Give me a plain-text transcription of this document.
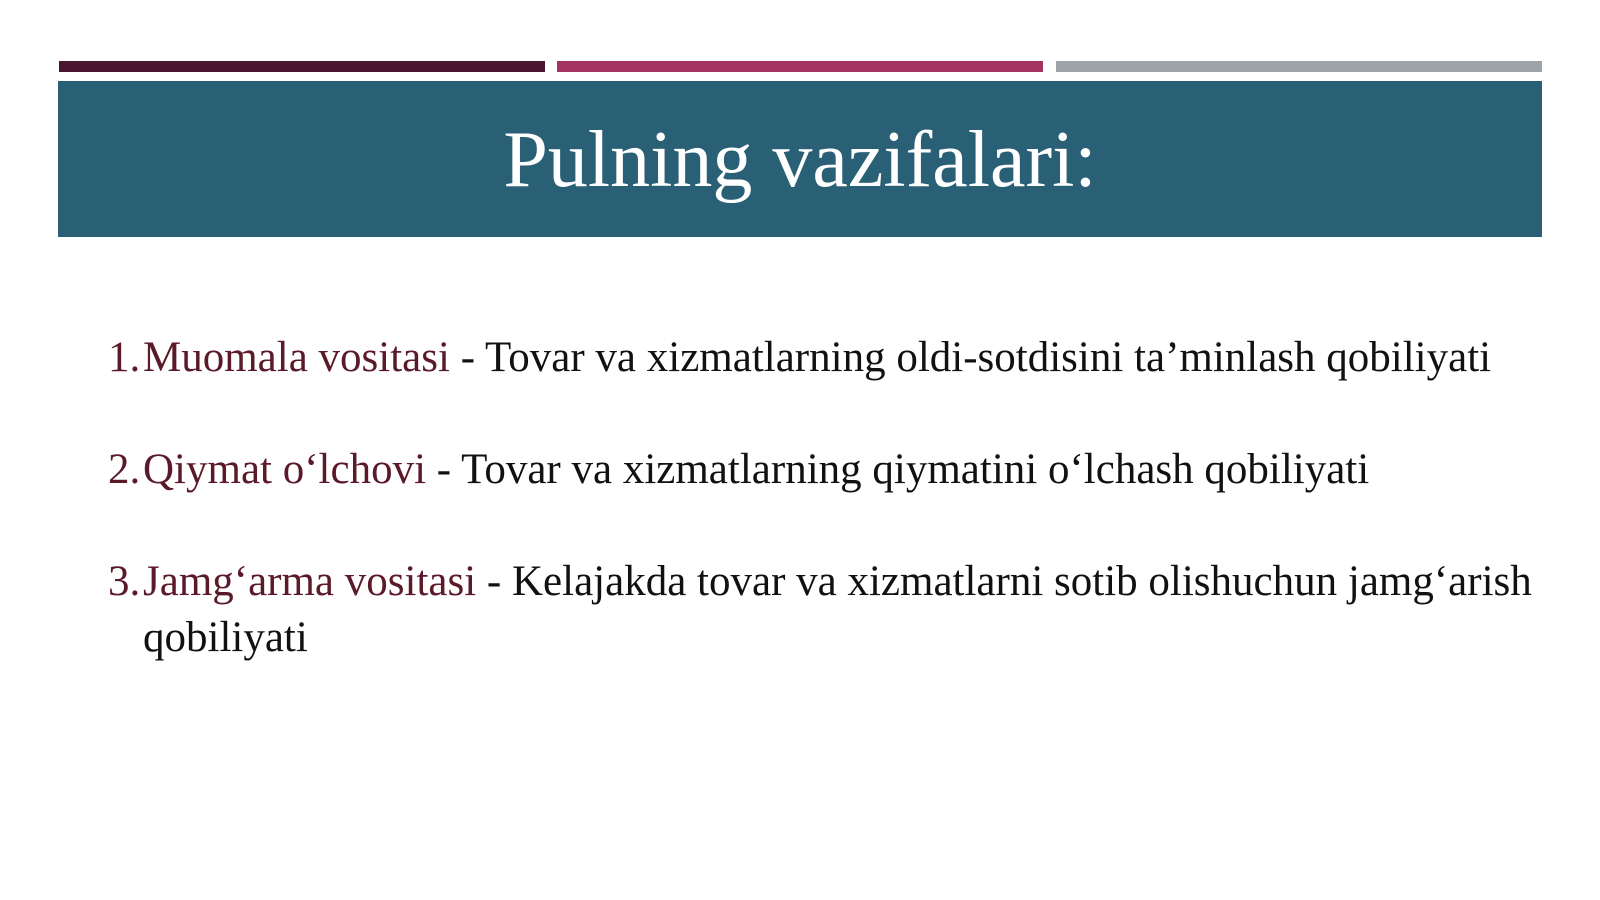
Pulning vazifalari:
1. Muomala vositasi - Tovar va xizmatlarning oldi-sotdisini ta’minlash qobiliyati
2. Qiymat o‘lchovi - Tovar va xizmatlarning qiymatini o‘lchash qobiliyati
3. Jamg‘arma vositasi - Kelajakda tovar va xizmatlarni sotib olishuchun jamg‘arish qobiliyati
